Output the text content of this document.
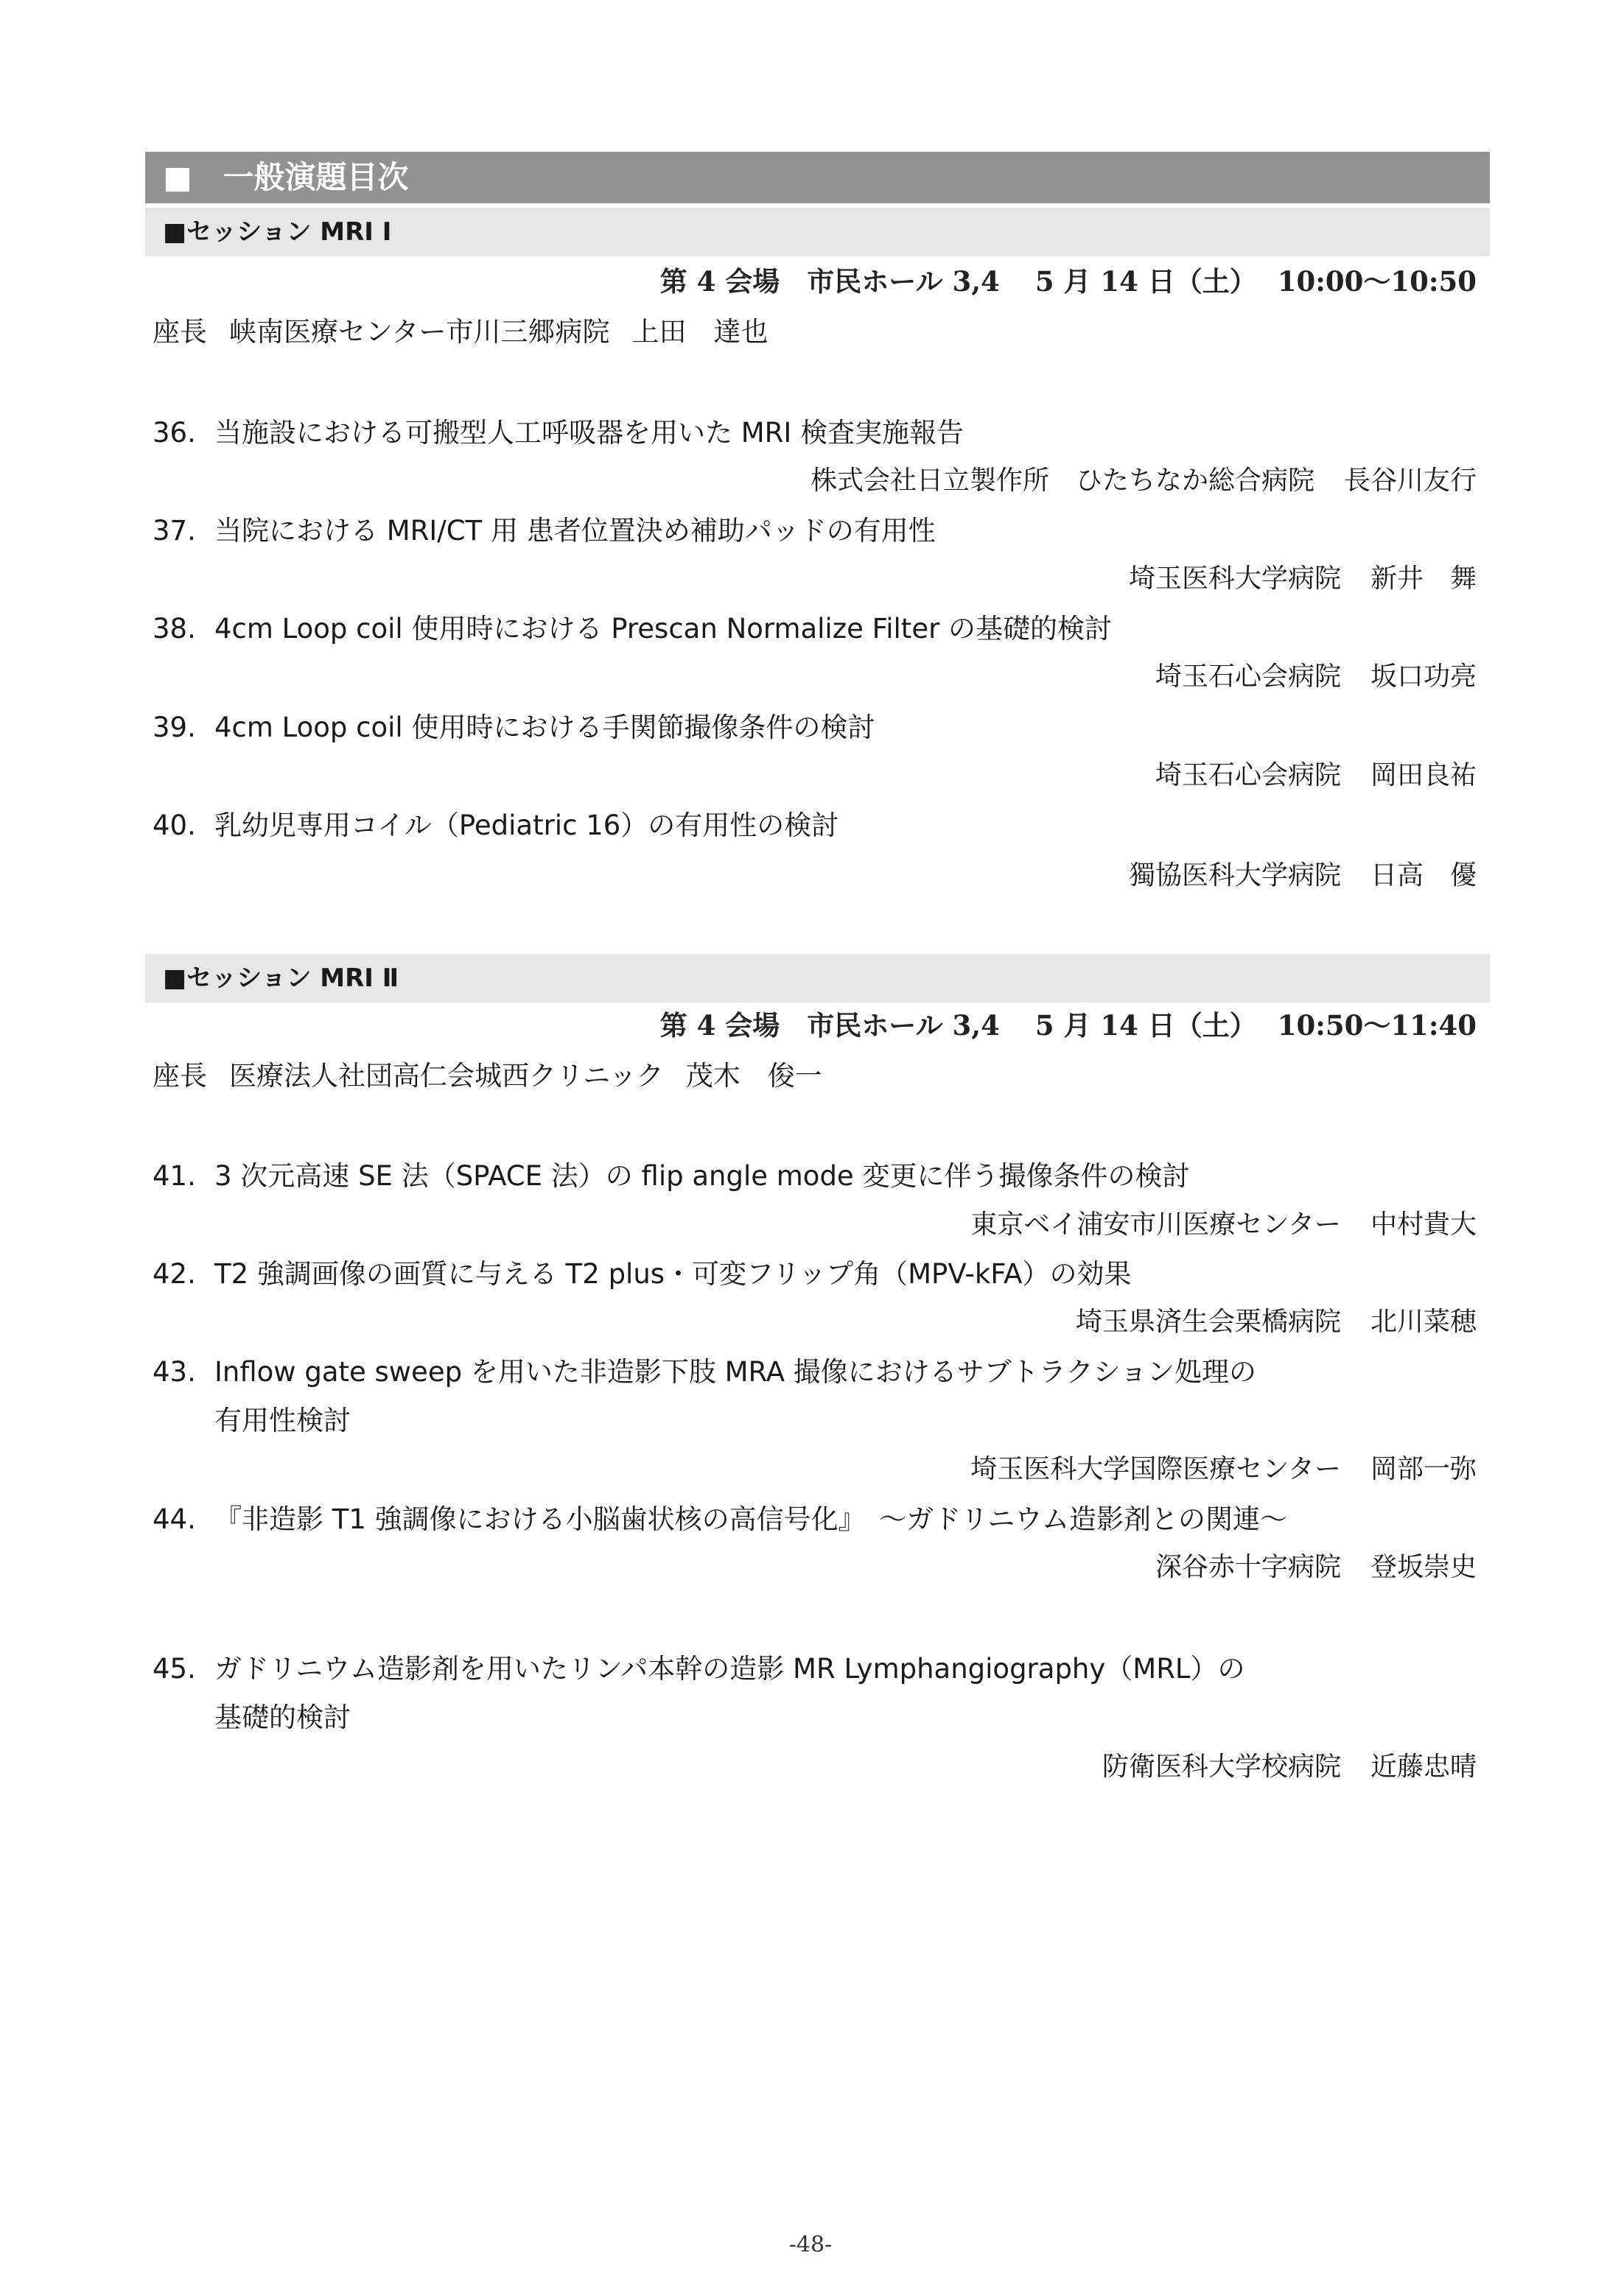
■　一般演題目次
■セッション MRI Ⅰ
第 4 会場　市民ホール 3,4 5 月 14 日（土） 10:00〜10:50
座長 峡南医療センター市川三郷病院 上田　達也
36. 当施設における可搬型人工呼吸器を用いた MRI 検査実施報告
株式会社日立製作所　ひたちなか総合病院 長谷川友行
37. 当院における MRI/CT 用 患者位置決め補助パッドの有用性
埼玉医科大学病院 新井　舞
38. 4cm Loop coil 使用時における Prescan Normalize Filter の基礎的検討
埼玉石心会病院 坂口功亮
39. 4cm Loop coil 使用時における手関節撮像条件の検討
埼玉石心会病院 岡田良祐
40. 乳幼児専用コイル（Pediatric 16）の有用性の検討
獨協医科大学病院 日高　優
■セッション MRI Ⅱ
第 4 会場　市民ホール 3,4 5 月 14 日（土） 10:50〜11:40
座長 医療法人社団高仁会城西クリニック 茂木　俊一
41. 3 次元高速 SE 法（SPACE 法）の flip angle mode 変更に伴う撮像条件の検討
東京ベイ浦安市川医療センター 中村貴大
42. T2 強調画像の画質に与える T2 plus・可変フリップ角（MPV-kFA）の効果
埼玉県済生会栗橋病院 北川菜穂
43. Inflow gate sweep を用いた非造影下肢 MRA 撮像におけるサブトラクション処理の
有用性検討
埼玉医科大学国際医療センター 岡部一弥
44. 『非造影 T1 強調像における小脳歯状核の高信号化』　〜ガドリニウム造影剤との関連〜
深谷赤十字病院 登坂崇史
45. ガドリニウム造影剤を用いたリンパ本幹の造影 MR Lymphangiography（MRL）の
基礎的検討
防衛医科大学校病院 近藤忠晴
-48-
